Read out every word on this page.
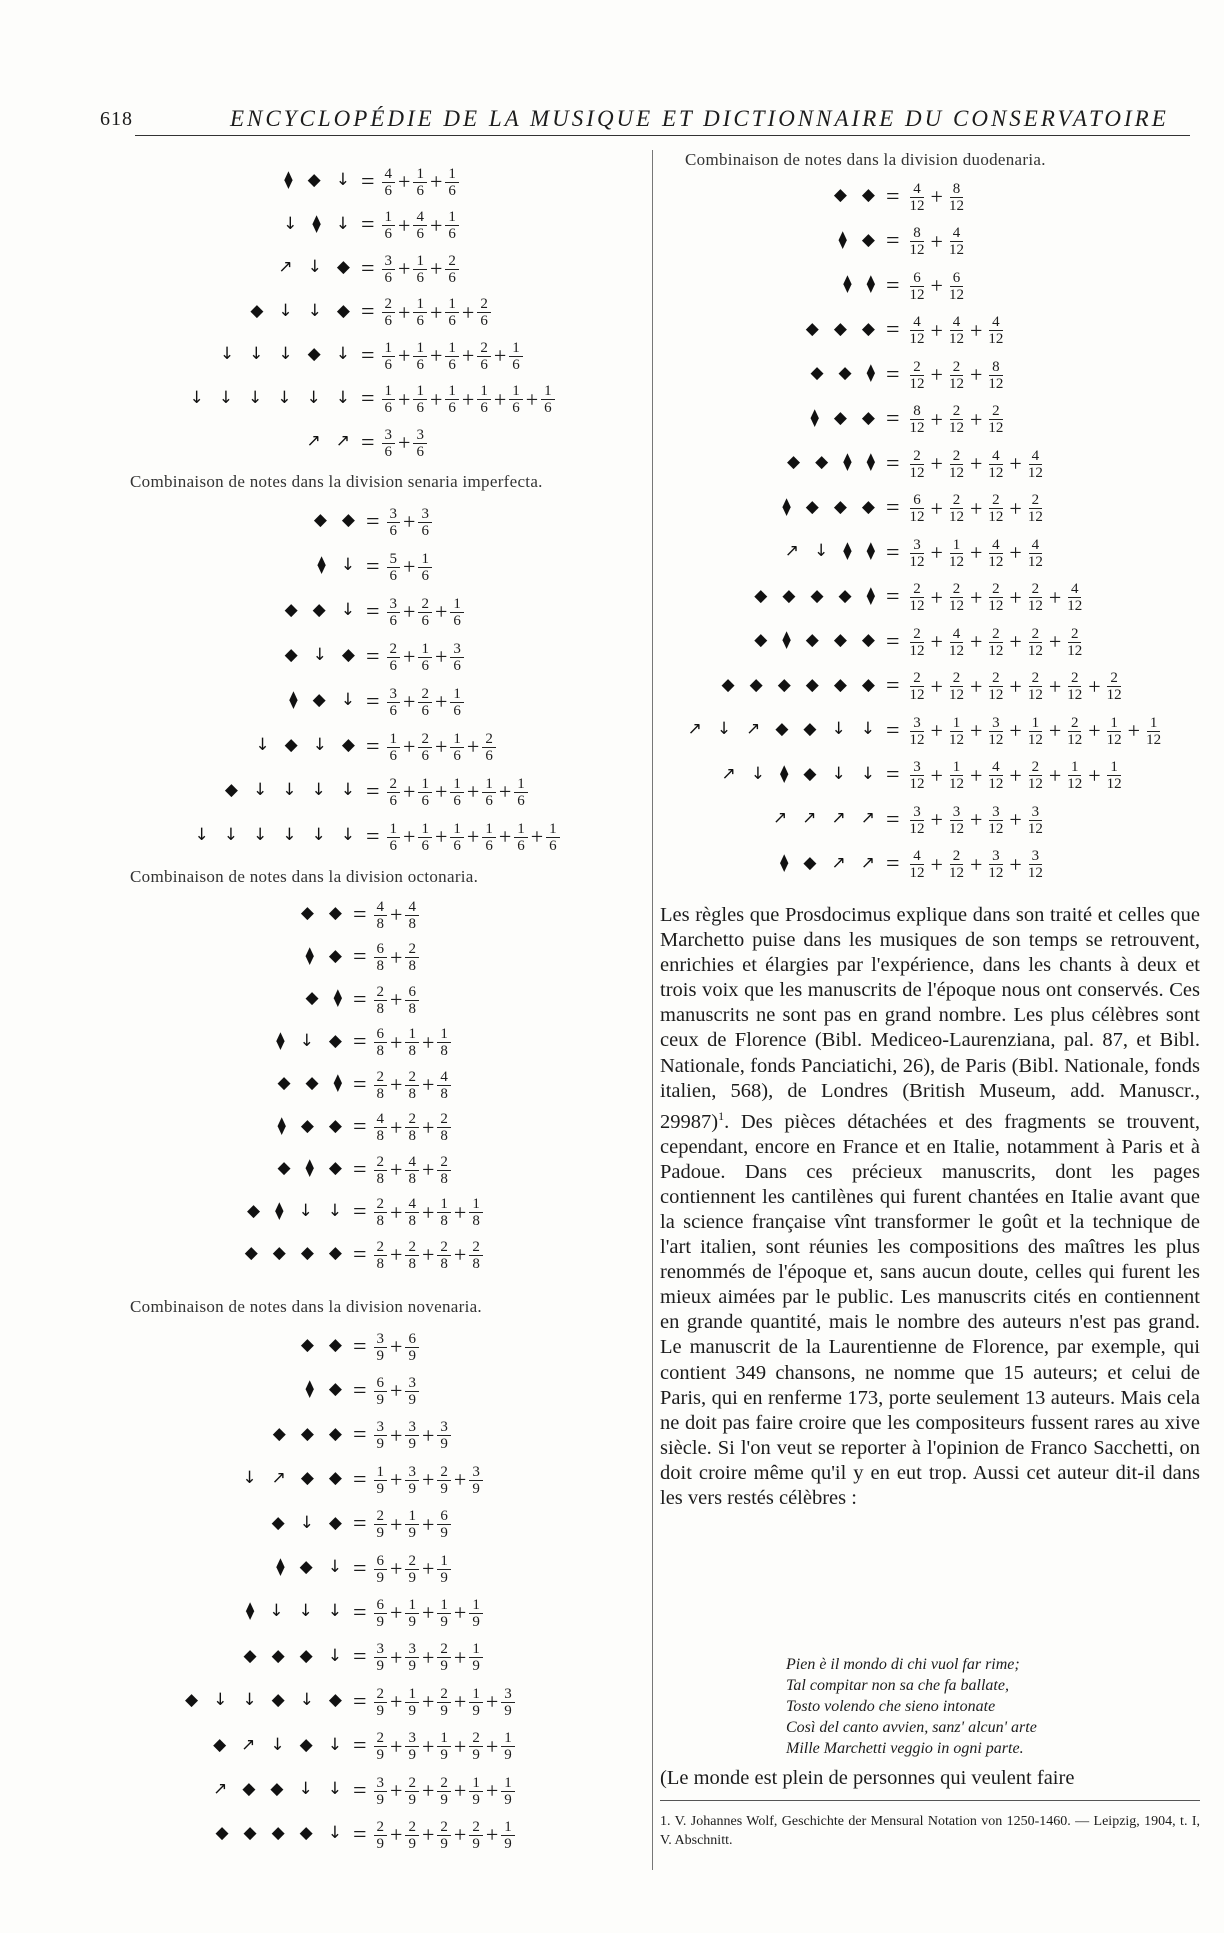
618	ENCYCLOPÉDIE DE LA MUSIQUE ET DICTIONNAIRE DU CONSERVATOIRE
⧫ ◆ ↓ = $\frac{4}{6} + \frac{1}{6} + \frac{1}{6}$
↓ ⧫ ↓ = $\frac{1}{6} + \frac{4}{6} + \frac{1}{6}$
↗ ↓ ◆ = $\frac{3}{6} + \frac{1}{6} + \frac{2}{6}$
◆ ↓ ↓ ◆ = $\frac{2}{6} + \frac{1}{6} + \frac{1}{6} + \frac{2}{6}$
↓ ↓ ↓ ◆ ↓ = $\frac{1}{6} + \frac{1}{6} + \frac{1}{6} + \frac{2}{6} + \frac{1}{6}$
↓ ↓ ↓ ↓ ↓ ↓ = $\frac{1}{6} + \frac{1}{6} + \frac{1}{6} + \frac{1}{6} + \frac{1}{6} + \frac{1}{6}$
↗ ↗ = $\frac{3}{6} + \frac{3}{6}$
Combinaison de notes dans la division senaria imperfecta.
◆ ◆ = $\frac{3}{6} + \frac{3}{6}$
⧫ ↓ = $\frac{5}{6} + \frac{1}{6}$
◆ ◆ ↓ = $\frac{3}{6} + \frac{2}{6} + \frac{1}{6}$
◆ ↓ ◆ = $\frac{2}{6} + \frac{1}{6} + \frac{3}{6}$
⧫ ◆ ↓ = $\frac{3}{6} + \frac{2}{6} + \frac{1}{6}$
↓ ◆ ↓ ◆ = $\frac{1}{6} + \frac{2}{6} + \frac{1}{6} + \frac{2}{6}$
◆ ↓ ↓ ↓ ↓ = $\frac{2}{6} + \frac{1}{6} + \frac{1}{6} + \frac{1}{6} + \frac{1}{6}$
↓ ↓ ↓ ↓ ↓ ↓ = $\frac{1}{6} + \frac{1}{6} + \frac{1}{6} + \frac{1}{6} + \frac{1}{6} + \frac{1}{6}$
Combinaison de notes dans la division octonaria.
◆ ◆ = $\frac{4}{8} + \frac{4}{8}$
⧫ ◆ = $\frac{6}{8} + \frac{2}{8}$
◆ ⧫ = $\frac{2}{8} + \frac{6}{8}$
⧫ ↓ ◆ = $\frac{6}{8} + \frac{1}{8} + \frac{1}{8}$
◆ ◆ ⧫ = $\frac{2}{8} + \frac{2}{8} + \frac{4}{8}$
⧫ ◆ ◆ = $\frac{4}{8} + \frac{2}{8} + \frac{2}{8}$
◆ ⧫ ◆ = $\frac{2}{8} + \frac{4}{8} + \frac{2}{8}$
◆ ⧫ ↓ ↓ = $\frac{2}{8} + \frac{4}{8} + \frac{1}{8} + \frac{1}{8}$
◆ ◆ ◆ ◆ = $\frac{2}{8} + \frac{2}{8} + \frac{2}{8} + \frac{2}{8}$
Combinaison de notes dans la division novenaria.
◆ ◆ = $\frac{3}{9} + \frac{6}{9}$
⧫ ◆ = $\frac{6}{9} + \frac{3}{9}$
◆ ◆ ◆ = $\frac{3}{9} + \frac{3}{9} + \frac{3}{9}$
↓ ↗ ◆ ◆ = $\frac{1}{9} + \frac{3}{9} + \frac{2}{9} + \frac{3}{9}$
◆ ↓ ◆ = $\frac{2}{9} + \frac{1}{9} + \frac{6}{9}$
⧫ ◆ ↓ = $\frac{6}{9} + \frac{2}{9} + \frac{1}{9}$
⧫ ↓ ↓ ↓ = $\frac{6}{9} + \frac{1}{9} + \frac{1}{9} + \frac{1}{9}$
◆ ◆ ◆ ↓ = $\frac{3}{9} + \frac{3}{9} + \frac{2}{9} + \frac{1}{9}$
◆ ↓ ↓ ◆ ↓ ◆ = $\frac{2}{9} + \frac{1}{9} + \frac{2}{9} + \frac{1}{9} + \frac{3}{9}$
◆ ↗ ↓ ◆ ↓ = $\frac{2}{9} + \frac{3}{9} + \frac{1}{9} + \frac{2}{9} + \frac{1}{9}$
↗ ◆ ◆ ↓ ↓ = $\frac{3}{9} + \frac{2}{9} + \frac{2}{9} + \frac{1}{9} + \frac{1}{9}$
◆ ◆ ◆ ◆ ↓ = $\frac{2}{9} + \frac{2}{9} + \frac{2}{9} + \frac{2}{9} + \frac{1}{9}$
Combinaison de notes dans la division duodenaria.
◆ ◆ = $\frac{4}{12} + \frac{8}{12}$
⧫ ◆ = $\frac{8}{12} + \frac{4}{12}$
⧫ ⧫ = $\frac{6}{12} + \frac{6}{12}$
◆ ◆ ◆ = $\frac{4}{12} + \frac{4}{12} + \frac{4}{12}$
◆ ◆ ⧫ = $\frac{2}{12} + \frac{2}{12} + \frac{8}{12}$
⧫ ◆ ◆ = $\frac{8}{12} + \frac{2}{12} + \frac{2}{12}$
◆ ◆ ⧫ ⧫ = $\frac{2}{12} + \frac{2}{12} + \frac{4}{12} + \frac{4}{12}$
⧫ ◆ ◆ ◆ = $\frac{6}{12} + \frac{2}{12} + \frac{2}{12} + \frac{2}{12}$
↗ ↓ ⧫ ⧫ = $\frac{3}{12} + \frac{1}{12} + \frac{4}{12} + \frac{4}{12}$
◆ ◆ ◆ ◆ ⧫ = $\frac{2}{12} + \frac{2}{12} + \frac{2}{12} + \frac{2}{12} + \frac{4}{12}$
◆ ⧫ ◆ ◆ ◆ = $\frac{2}{12} + \frac{4}{12} + \frac{2}{12} + \frac{2}{12} + \frac{2}{12}$
◆ ◆ ◆ ◆ ◆ ◆ = $\frac{2}{12} + \frac{2}{12} + \frac{2}{12} + \frac{2}{12} + \frac{2}{12} + \frac{2}{12}$
↗ ↓ ↗ ◆ ◆ ↓ ↓ = $\frac{3}{12} + \frac{1}{12} + \frac{3}{12} + \frac{1}{12} + \frac{2}{12} + \frac{1}{12} + \frac{1}{12}$
↗ ↓ ⧫ ◆ ↓ ↓ = $\frac{3}{12} + \frac{1}{12} + \frac{4}{12} + \frac{2}{12} + \frac{1}{12} + \frac{1}{12}$
↗ ↗ ↗ ↗ = $\frac{3}{12} + \frac{3}{12} + \frac{3}{12} + \frac{3}{12}$
⧫ ◆ ↗ ↗ = $\frac{4}{12} + \frac{2}{12} + \frac{3}{12} + \frac{3}{12}$
Les règles que Prosdocimus explique dans son traité et celles que Marchetto puise dans les musiques de son temps se retrouvent, enrichies et élargies par l'expérience, dans les chants à deux et trois voix que les manuscrits de l'époque nous ont conservés. Ces manuscrits ne sont pas en grand nombre. Les plus célèbres sont ceux de Florence (Bibl. Mediceo-Laurenziana, pal. 87, et Bibl. Nationale, fonds Panciatichi, 26), de Paris (Bibl. Nationale, fonds italien, 568), de Londres (British Museum, add. Manuscr., 29987)$^1$. Des pièces détachées et des fragments se trouvent, cependant, encore en France et en Italie, notamment à Paris et à Padoue. Dans ces précieux manuscrits, dont les pages contiennent les cantilènes qui furent chantées en Italie avant que la science française vînt transformer le goût et la technique de l'art italien, sont réunies les compositions des maîtres les plus renommés de l'époque et, sans aucun doute, celles qui furent les mieux aimées par le public. Les manuscrits cités en contiennent en grande quantité, mais le nombre des auteurs n'est pas grand. Le manuscrit de la Laurentienne de Florence, par exemple, qui contient 349 chansons, ne nomme que 15 auteurs; et celui de Paris, qui en renferme 173, porte seulement 13 auteurs. Mais cela ne doit pas faire croire que les compositeurs fussent rares au xive siècle. Si l'on veut se reporter à l'opinion de Franco Sacchetti, on doit croire même qu'il y en eut trop. Aussi cet auteur dit-il dans les vers restés célèbres :
Pien è il mondo di chi vuol far rime;
Tal compitar non sa che fa ballate,
Tosto volendo che sieno intonate
Così del canto avvien, sanz' alcun' arte
Mille Marchetti veggio in ogni parte.
(Le monde est plein de personnes qui veulent faire
1. V. Johannes Wolf, Geschichte der Mensural Notation von 1250-1460. — Leipzig, 1904, t. I, V. Abschnitt.
